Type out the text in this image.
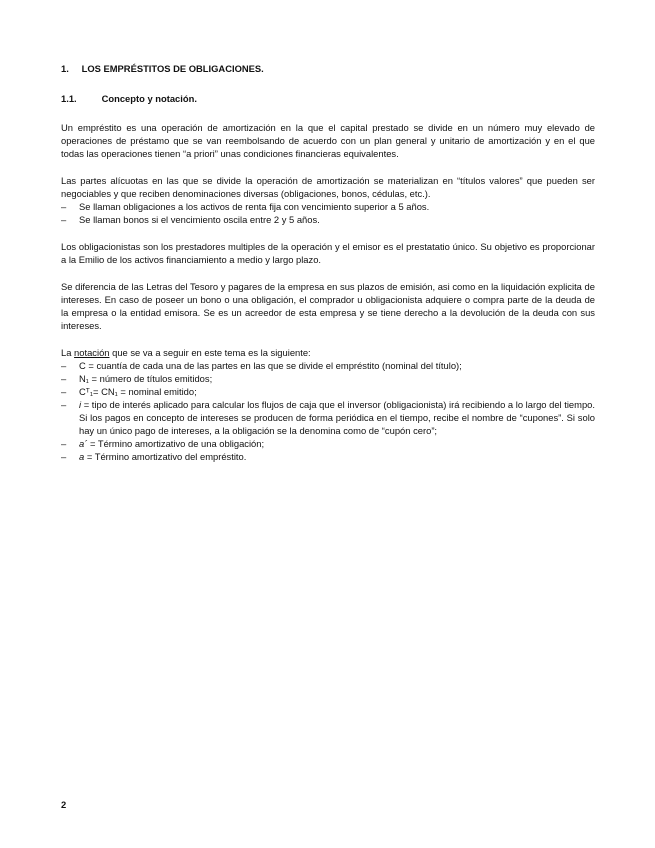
1. LOS EMPRÉSTITOS DE OBLIGACIONES.
1.1.	Concepto y notación.

Un empréstito es una operación de amortización en la que el capital prestado se divide en un número muy elevado de operaciones de préstamo que se van reembolsando de acuerdo con un plan general y unitario de amortización y en el que todas las operaciones tienen “a priori” unas condiciones financieras equivalentes.

Las partes alícuotas en las que se divide la operación de amortización se materializan en “títulos valores” que pueden ser negociables y que reciben denominaciones diversas (obligaciones, bonos, cédulas, etc.).

– Se llaman obligaciones a los activos de renta fija con vencimiento superior a 5 años.
– Se llaman bonos si el vencimiento oscila entre 2 y 5 años.

Los obligacionistas son los prestadores multiples de la operación y el emisor es el prestatatio único. Su objetivo es proporcionar a la Emilio de los activos financiamiento a medio y largo plazo.

Se diferencia de las Letras del Tesoro y pagares de la empresa en sus plazos de emisión, asi como en la liquidación explicita de intereses. En caso de poseer un bono o una obligación, el comprador u obligacionista adquiere o compra parte de la deuda de la empresa o la entidad emisora. Se es un acreedor de esta empresa y se tiene derecho a la devolución de la deuda con sus intereses.

La notación que se va a seguir en este tema es la siguiente:

– C = cuantía de cada una de las partes en las que se divide el empréstito (nominal del título);
– N₁ = número de títulos emitidos;
– Cᵀ₁= CN₁ = nominal emitido;
– i = tipo de interés aplicado para calcular los flujos de caja que el inversor (obligacionista) irá recibiendo a lo largo del tiempo. Si los pagos en concepto de intereses se producen de forma periódica en el tiempo, recibe el nombre de “cupones”. Si solo hay un único pago de intereses, a la obligación se la denomina como de “cupón cero”;
– a´ = Término amortizativo de una obligación;
– a = Término amortizativo del empréstito.
2
